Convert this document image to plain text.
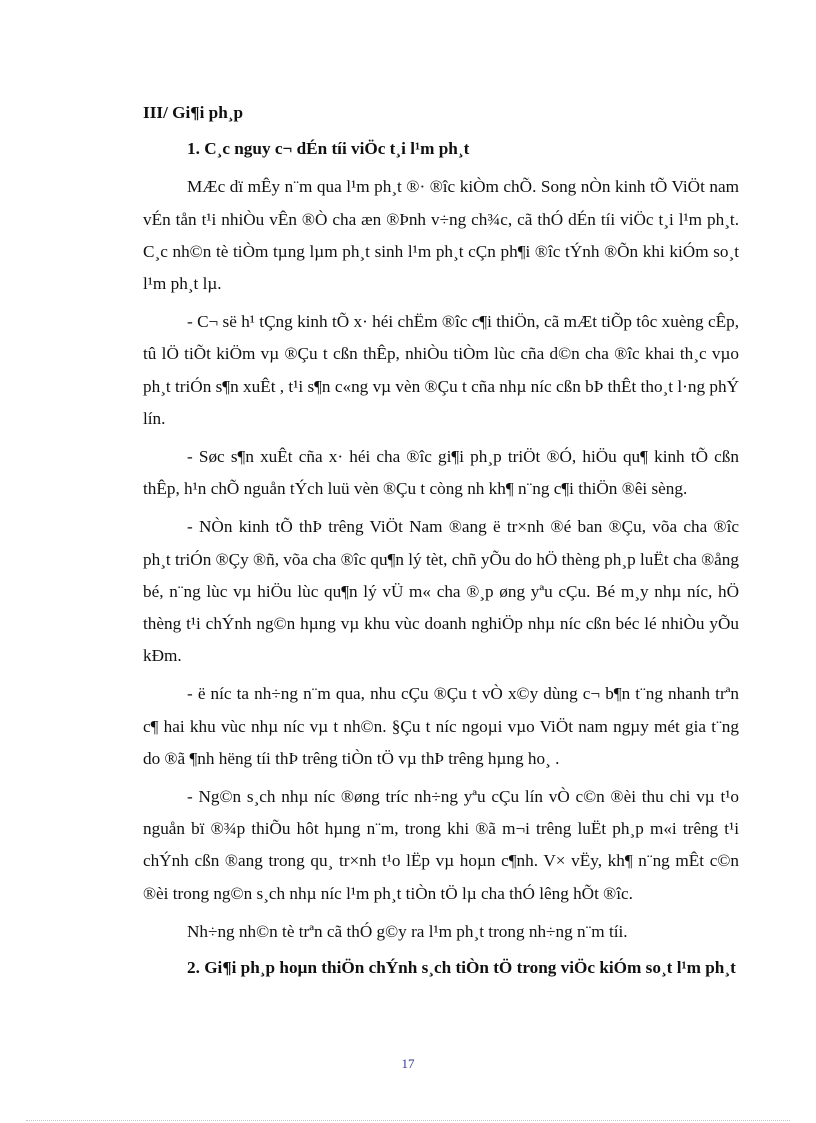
III/ Gi¶i ph¸p

1. C¸c nguy c¬ dÉn tíi viÖc t¸i l¹m ph¸t

MÆc dï mÊy n¨m qua l¹m ph¸t ®· ®îc kiÒm chÕ. Song nÒn kinh tÕ ViÖt nam vÉn tån t¹i nhiÒu vÊn ®Ò cha æn ®Þnh v÷ng ch¾c, cã thÓ dÉn tíi viÖc t¸i l¹m ph¸t. C¸c nh©n tè tiÒm tµng lµm ph¸t sinh l¹m ph¸t cÇn ph¶i ®îc tÝnh ®Õn khi kiÓm so¸t l¹m ph¸t lµ.

- C¬ së h¹ tÇng kinh tÕ x· héi chËm ®îc c¶i thiÖn, cã mÆt tiÕp tôc xuèng cÊp, tû lÖ tiÕt kiÖm vµ ®Çu t cßn thÊp, nhiÒu tiÒm lùc cña d©n cha ®îc khai th¸c vµo ph¸t triÓn s¶n xuÊt , t¹i s¶n c«ng vµ vèn ®Çu t cña nhµ níc cßn bÞ thÊt tho¸t l·ng phÝ lín.

- Søc s¶n xuÊt cña x· héi cha ®îc gi¶i ph¸p triÖt ®Ó, hiÖu qu¶ kinh tÕ cßn thÊp, h¹n chÕ nguån tÝch luü vèn ®Çu t còng nh kh¶ n¨ng c¶i thiÖn ®êi sèng.

- NÒn kinh tÕ thÞ trêng ViÖt Nam ®ang ë tr×nh ®é ban ®Çu, võa cha ®îc ph¸t triÓn ®Çy ®ñ, võa cha ®îc qu¶n lý tèt, chñ yÕu do hÖ thèng ph¸p luËt cha ®ång bé, n¨ng lùc vµ hiÖu lùc qu¶n lý vÜ m« cha ®¸p øng yªu cÇu. Bé m¸y nhµ níc, hÖ thèng t¹i chÝnh ng©n hµng vµ khu vùc doanh nghiÖp nhµ níc cßn béc lé nhiÒu yÕu kÐm.

- ë níc ta nh÷ng n¨m qua, nhu cÇu ®Çu t vÒ x©y dùng c¬ b¶n t¨ng nhanh trªn c¶ hai khu vùc nhµ níc vµ t nh©n. §Çu t níc ngoµi vµo ViÖt nam ngµy mét gia t¨ng do ®ã ¶nh hëng tíi thÞ trêng tiÒn tÖ vµ thÞ trêng hµng ho¸ .

- Ng©n s¸ch nhµ níc ®øng tríc nh÷ng yªu cÇu lín vÒ c©n ®èi thu chi vµ t¹o nguån bï ®¾p thiÕu hôt hµng n¨m, trong khi ®ã m¬i trêng luËt ph¸p m«i trêng t¹i chÝnh cßn ®ang trong qu¸ tr×nh t¹o lËp vµ hoµn c¶nh. V× vËy, kh¶ n¨ng mÊt c©n ®èi trong ng©n s¸ch nhµ níc l¹m ph¸t tiÒn tÖ lµ cha thÓ lêng hÕt ®îc.

Nh÷ng nh©n tè trªn cã thÓ g©y ra l¹m ph¸t trong nh÷ng n¨m tíi.

2. Gi¶i ph¸p hoµn thiÖn chÝnh s¸ch tiÒn tÖ trong viÖc kiÓm so¸t l¹m ph¸t

17
